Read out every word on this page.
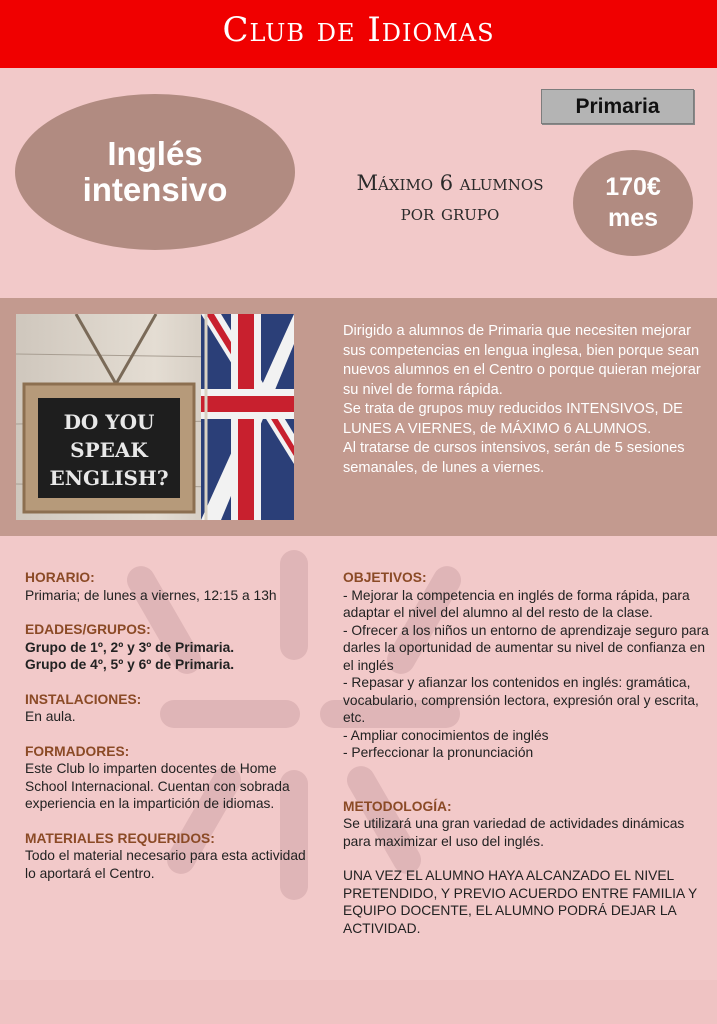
Club de Idiomas
Primaria
Inglés
intensivo	Máximo 6 alumnos
por grupo
170€
mes
DO YOU
SPEAK
ENGLISH?

Dirigido a alumnos de Primaria que necesiten mejorar sus competencias en lengua inglesa, bien porque sean nuevos alumnos en el Centro o porque quieran mejorar su nivel de forma rápida.

Se trata de grupos muy reducidos INTENSIVOS, DE LUNES A VIERNES, de MÁXIMO 6 ALUMNOS.

Al tratarse de cursos intensivos, serán de 5 sesiones semanales, de lunes a viernes.

HORARIO:
Primaria; de lunes a viernes, 12:15 a 13h
EDADES/GRUPOS:
Grupo de 1º, 2º y 3º de Primaria.
Grupo de 4º, 5º y 6º de Primaria.
INSTALACIONES:
En aula.
FORMADORES:
Este Club lo imparten docentes de Home School Internacional. Cuentan con sobrada experiencia en la impartición de idiomas.
MATERIALES REQUERIDOS:
Todo el material necesario para esta actividad lo aportará el Centro.
OBJETIVOS:
- Mejorar la competencia en inglés de forma rápida, para adaptar el nivel del alumno al del resto de la clase.
- Ofrecer a los niños un entorno de aprendizaje seguro para darles la oportunidad de aumentar su nivel de confianza en el inglés
- Repasar y afianzar los contenidos en inglés: gramática, vocabulario, comprensión lectora, expresión oral y escrita, etc.
- Ampliar conocimientos de inglés
- Perfeccionar la pronunciación
METODOLOGÍA:
Se utilizará una gran variedad de actividades dinámicas para maximizar el uso del inglés.
UNA VEZ EL ALUMNO HAYA ALCANZADO EL NIVEL PRETENDIDO, Y PREVIO ACUERDO ENTRE FAMILIA Y EQUIPO DOCENTE, EL ALUMNO PODRÁ DEJAR LA ACTIVIDAD.
